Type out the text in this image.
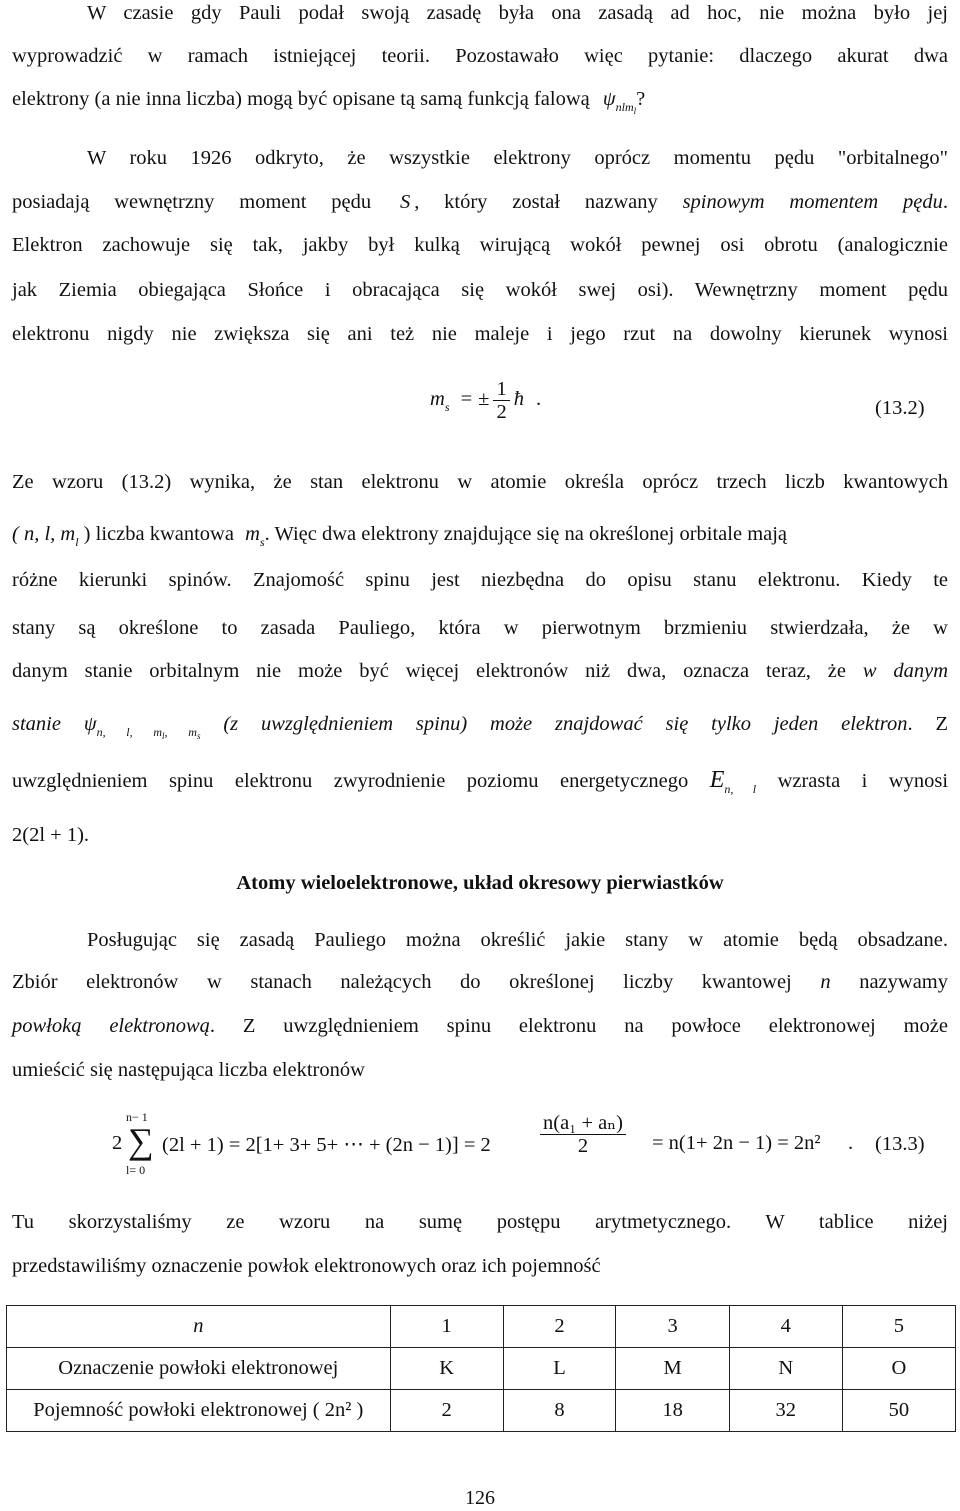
W czasie gdy Pauli podał swoją zasadę była ona zasadą ad hoc, nie można było jej
wyprowadzić w ramach istniejącej teorii. Pozostawało więc pytanie: dlaczego akurat dwa
elektrony (a nie inna liczba) mogą być opisane tą samą funkcją falową $\psi_{nlml}$?
W roku 1926 odkryto, że wszystkie elektrony oprócz momentu pędu "orbitalnego"
posiadają wewnętrzny moment pędu S , który został nazwany spinowym momentem pędu.
Elektron zachowuje się tak, jakby był kulką wirującą wokół pewnej osi obrotu (analogicznie
jak Ziemia obiegająca Słońce i obracająca się wokół swej osi). Wewnętrzny moment pędu
elektronu nigdy nie zwiększa się ani też nie maleje i jego rzut na dowolny kierunek wynosi
$m_s$ = ± $\frac{1}{2}$ ħ .	(13.2)
Ze wzoru (13.2) wynika, że stan elektronu w atomie określa oprócz trzech liczb kwantowych
( n, l, $m_l$ ) liczba kwantowa $m_s$. Więc dwa elektrony znajdujące się na określonej orbitale mają
różne kierunki spinów. Znajomość spinu jest niezbędna do opisu stanu elektronu. Kiedy te
stany są określone to zasada Pauliego, która w pierwotnym brzmieniu stwierdzała, że w
danym stanie orbitalnym nie może być więcej elektronów niż dwa, oznacza teraz, że w danym
stanie $\psi_{n, l, ml, ms}$ (z uwzględnieniem spinu) może znajdować się tylko jeden elektron. Z
uwzględnieniem spinu elektronu zwyrodnienie poziomu energetycznego $E_{n, l}$ wzrasta i wynosi
2(2l + 1).
Atomy wieloelektronowe, układ okresowy pierwiastków
Posługując się zasadą Pauliego można określić jakie stany w atomie będą obsadzane.
Zbiór elektronów w stanach należących do określonej liczby kwantowej n nazywamy
powłoką elektronową. Z uwzględnieniem spinu elektronu na powłoce elektronowej może
umieścić się następująca liczba elektronów
2
n− 1
∑
l= 0
(2l + 1) = 2[1+ 3+ 5+ ⋯ + $(2n - 1)] = 2 \frac{\text{n(a₁ + aₙ)}}{2} = n(1+ 2n - 1) = 2n^2$ . (13.3)
Tu skorzystaliśmy ze wzoru na sumę postępu arytmetycznego. W tablice niżej
przedstawiliśmy oznaczenie powłok elektronowych oraz ich pojemność
n	1	2	3	4	5
Oznaczenie powłoki elektronowej	K	L	M	N	O
Pojemność powłoki elektronowej ( 2n² )	2	8	18	32	50
126
